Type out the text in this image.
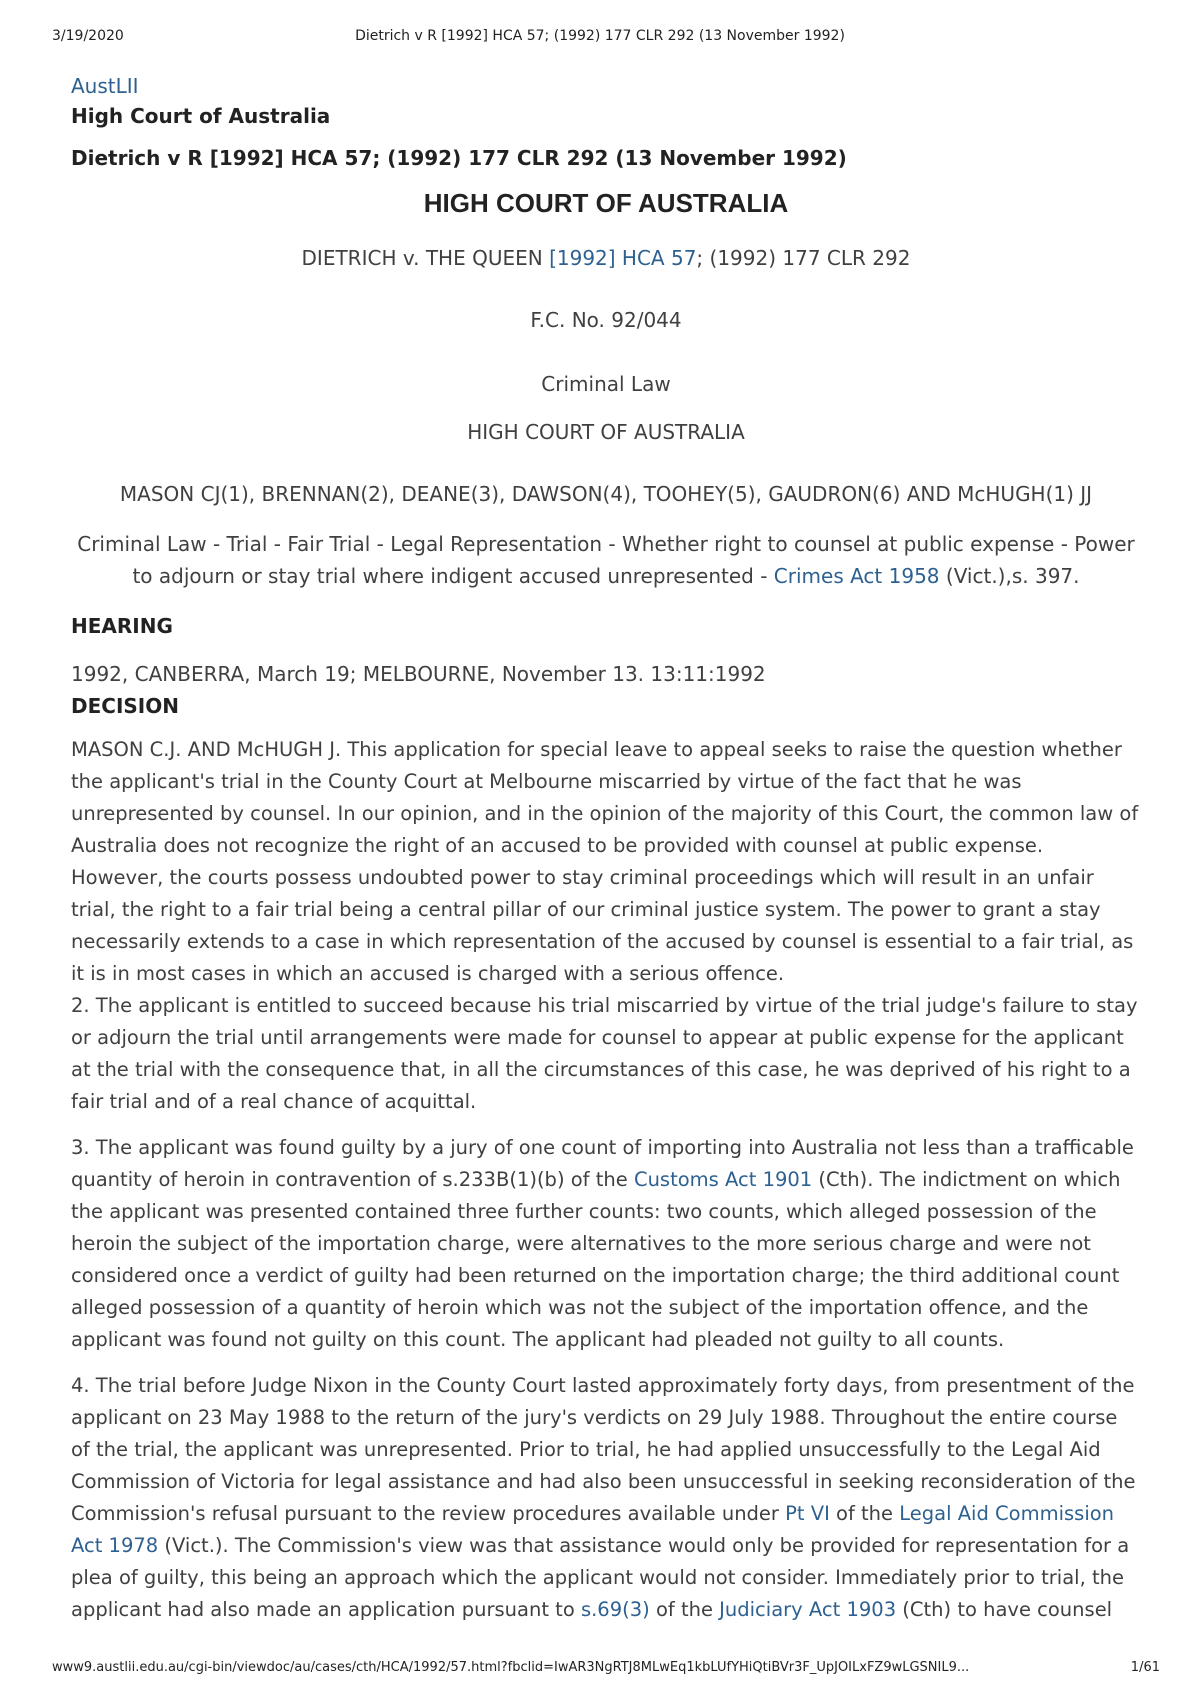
3/19/2020	Dietrich v R [1992] HCA 57; (1992) 177 CLR 292 (13 November 1992)
AustLII
High Court of Australia
Dietrich v R [1992] HCA 57; (1992) 177 CLR 292 (13 November 1992)
HIGH COURT OF AUSTRALIA
DIETRICH v. THE QUEEN [1992] HCA 57; (1992) 177 CLR 292
F.C. No. 92/044
Criminal Law
HIGH COURT OF AUSTRALIA
MASON CJ(1), BRENNAN(2), DEANE(3), DAWSON(4), TOOHEY(5), GAUDRON(6) AND McHUGH(1) JJ
Criminal Law - Trial - Fair Trial - Legal Representation - Whether right to counsel at public expense - Power to adjourn or stay trial where indigent accused unrepresented - Crimes Act 1958 (Vict.),s. 397.
HEARING
1992, CANBERRA, March 19; MELBOURNE, November 13. 13:11:1992
DECISION

MASON C.J. AND McHUGH J. This application for special leave to appeal seeks to raise the question whether the applicant's trial in the County Court at Melbourne miscarried by virtue of the fact that he was unrepresented by counsel. In our opinion, and in the opinion of the majority of this Court, the common law of Australia does not recognize the right of an accused to be provided with counsel at public expense. However, the courts possess undoubted power to stay criminal proceedings which will result in an unfair trial, the right to a fair trial being a central pillar of our criminal justice system. The power to grant a stay necessarily extends to a case in which representation of the accused by counsel is essential to a fair trial, as it is in most cases in which an accused is charged with a serious offence.

2. The applicant is entitled to succeed because his trial miscarried by virtue of the trial judge's failure to stay or adjourn the trial until arrangements were made for counsel to appear at public expense for the applicant at the trial with the consequence that, in all the circumstances of this case, he was deprived of his right to a fair trial and of a real chance of acquittal.

3. The applicant was found guilty by a jury of one count of importing into Australia not less than a trafficable quantity of heroin in contravention of s.233B(1)(b) of the Customs Act 1901 (Cth). The indictment on which the applicant was presented contained three further counts: two counts, which alleged possession of the heroin the subject of the importation charge, were alternatives to the more serious charge and were not considered once a verdict of guilty had been returned on the importation charge; the third additional count alleged possession of a quantity of heroin which was not the subject of the importation offence, and the applicant was found not guilty on this count. The applicant had pleaded not guilty to all counts.

4. The trial before Judge Nixon in the County Court lasted approximately forty days, from presentment of the applicant on 23 May 1988 to the return of the jury's verdicts on 29 July 1988. Throughout the entire course of the trial, the applicant was unrepresented. Prior to trial, he had applied unsuccessfully to the Legal Aid Commission of Victoria for legal assistance and had also been unsuccessful in seeking reconsideration of the Commission's refusal pursuant to the review procedures available under Pt VI of the Legal Aid Commission Act 1978 (Vict.). The Commission's view was that assistance would only be provided for representation for a plea of guilty, this being an approach which the applicant would not consider. Immediately prior to trial, the applicant had also made an application pursuant to s.69(3) of the Judiciary Act 1903 (Cth) to have counsel

www9.austlii.edu.au/cgi-bin/viewdoc/au/cases/cth/HCA/1992/57.html?fbclid=IwAR3NgRTJ8MLwEq1kbLUfYHiQtiBVr3F_UpJOILxFZ9wLGSNIL9...	1/61
